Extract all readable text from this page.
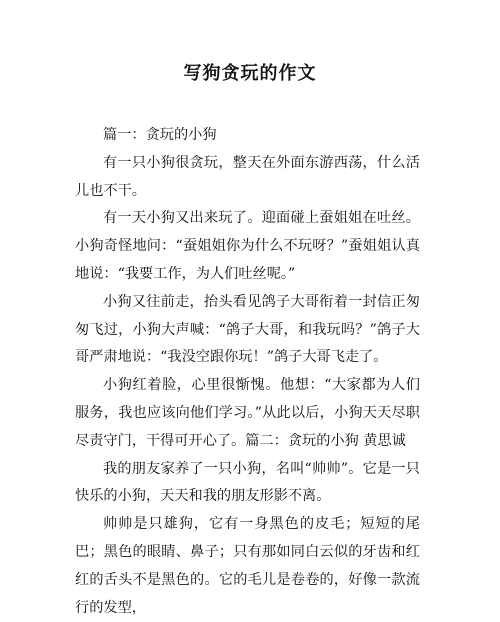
写狗贪玩的作文

篇一：贪玩的小狗

有一只小狗很贪玩，整天在外面东游西荡，什么活儿也不干。

有一天小狗又出来玩了。迎面碰上蚕姐姐在吐丝。小狗奇怪地问：“蚕姐姐你为什么不玩呀？”蚕姐姐认真地说：“我要工作，为人们吐丝呢。”

小狗又往前走，抬头看见鸽子大哥衔着一封信正匆匆飞过，小狗大声喊：“鸽子大哥，和我玩吗？”鸽子大哥严肃地说：“我没空跟你玩！”鸽子大哥飞走了。

小狗红着脸，心里很惭愧。他想：“大家都为人们服务，我也应该向他们学习。”从此以后，小狗天天尽职尽责守门，干得可开心了。篇二：贪玩的小狗 黄思诚

我的朋友家养了一只小狗，名叫“帅帅”。它是一只快乐的小狗，天天和我的朋友形影不离。

帅帅是只雄狗，它有一身黑色的皮毛；短短的尾巴；黑色的眼睛、鼻子；只有那如同白云似的牙齿和红红的舌头不是黑色的。它的毛儿是卷卷的，好像一款流行的发型，
